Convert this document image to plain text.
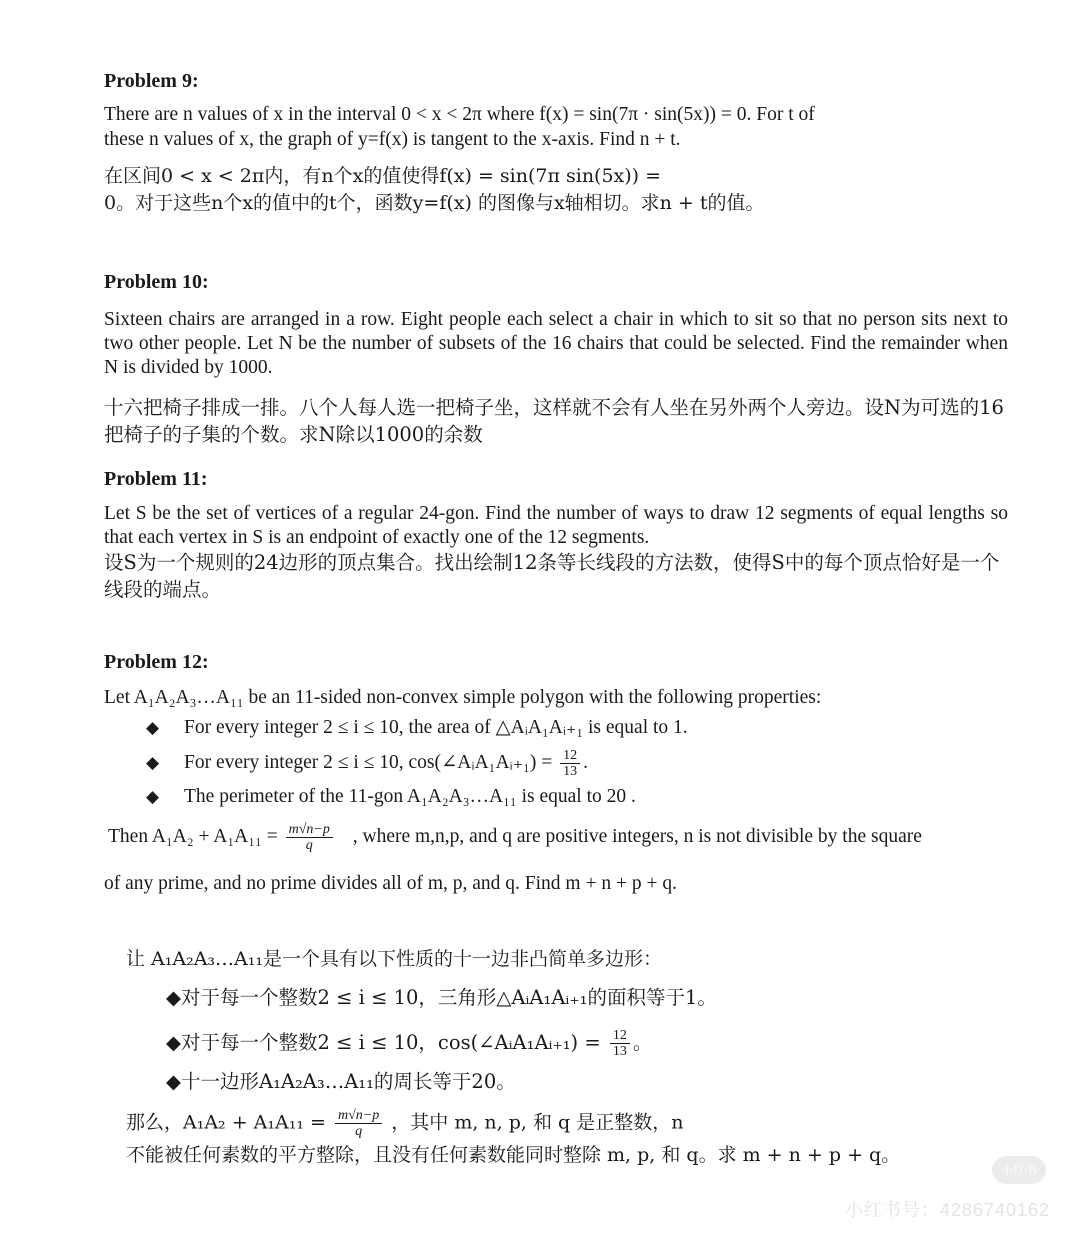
Problem 9:
There are n values of x in the interval 0 < x < 2π where f(x) = sin(7π · sin(5x)) = 0. For t of
these n values of x, the graph of y=f(x) is tangent to the x-axis. Find n + t.
在区间0 < x < 2π内，有n个x的值使得f(x) = sin(7π sin(5x)) =
0。对于这些n个x的值中的t个，函数y=f(x) 的图像与x轴相切。求n + t的值。
Problem 10:
Sixteen chairs are arranged in a row. Eight people each select a chair in which to sit so that no person sits next to two other people. Let N be the number of subsets of the 16 chairs that could be selected. Find the remainder when N is divided by 1000.
十六把椅子排成一排。八个人每人选一把椅子坐，这样就不会有人坐在另外两个人旁边。设N为可选的16把椅子的子集的个数。求N除以1000的余数
Problem 11:
Let S be the set of vertices of a regular 24-gon. Find the number of ways to draw 12 segments of equal lengths so that each vertex in S is an endpoint of exactly one of the 12 segments.
设S为一个规则的24边形的顶点集合。找出绘制12条等长线段的方法数，使得S中的每个顶点恰好是一个线段的端点。
Problem 12:
Let A₁A₂A₃…A₁₁ be an 11-sided non-convex simple polygon with the following properties:
◆ For every integer 2 ≤ i ≤ 10, the area of △AᵢA₁Aᵢ₊₁ is equal to 1.
◆ For every integer 2 ≤ i ≤ 10, cos(∠AᵢA₁Aᵢ₊₁) = $\frac{12}{13}$ .
◆ The perimeter of the 11-gon A₁A₂A₃…A₁₁ is equal to 20 .
Then $A_1A_2 + A_1A_{11} = \frac{m√n-p}{q}$ , where m,n,p, and q are positive integers, n is not divisible by the square
of any prime, and no prime divides all of m, p, and q. Find m + n + p + q.
让 A₁A₂A₃…A₁₁是一个具有以下性质的十一边非凸简单多边形：
◆对于每一个整数2 ≤ i ≤ 10，三角形△AᵢA₁Aᵢ₊₁的面积等于1。
◆对于每一个整数2 ≤ i ≤ 10，cos(∠AᵢA₁Aᵢ₊₁) = $\frac{12}{13}$ 。
◆十一边形A₁A₂A₃…A₁₁的周长等于20。
那么，$A_1A_2 + A_1A_{11} = \frac{m√n-p}{q}$ ，其中 m, n, p, 和 q 是正整数，n
不能被任何素数的平方整除，且没有任何素数能同时整除 m, p, 和 q。求 m + n + p + q。
小红书
小红书号：4286740162
